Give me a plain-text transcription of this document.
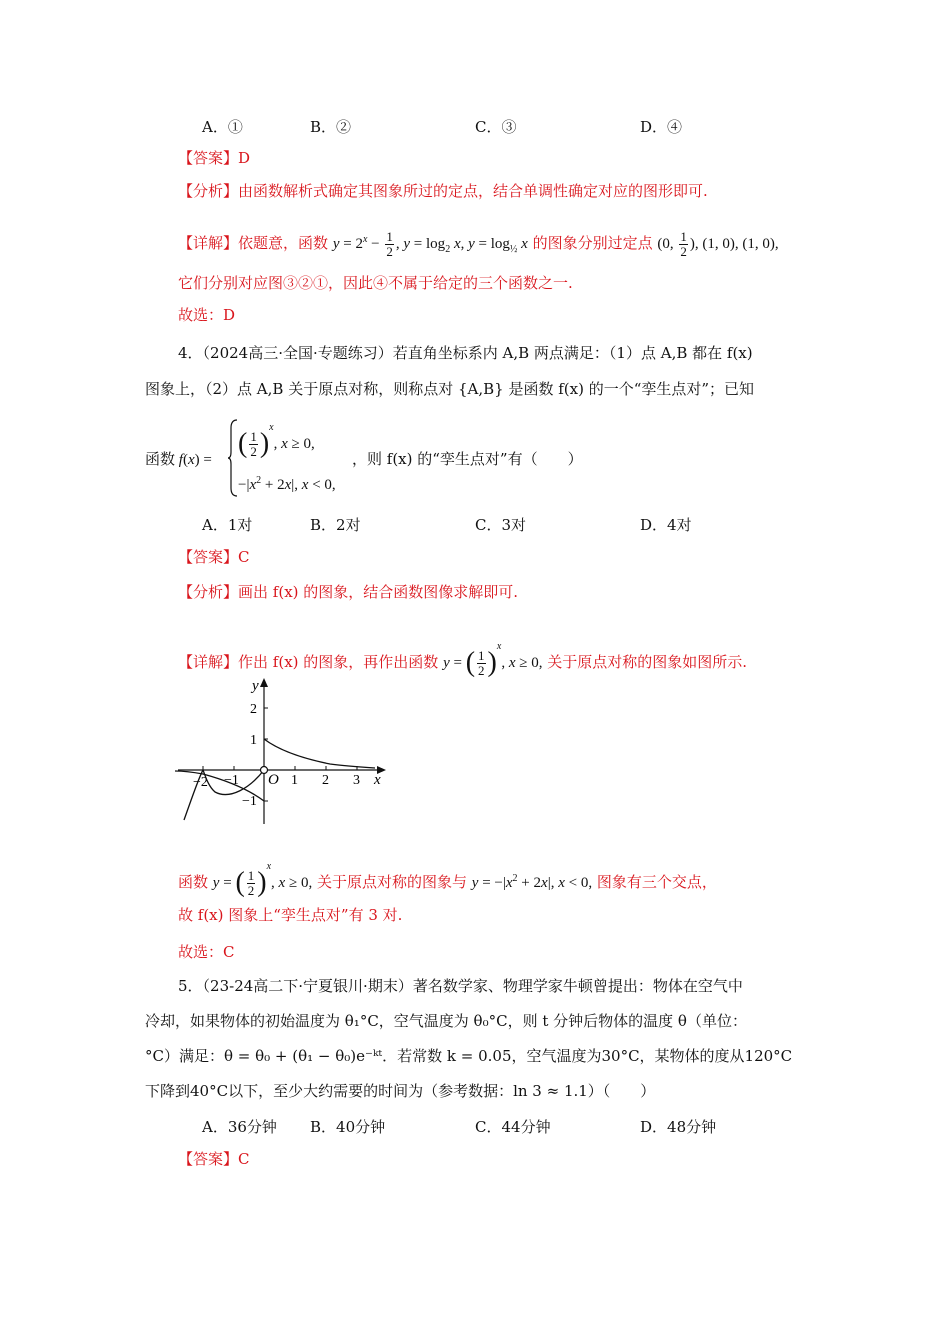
A．①	B．②	C．③	D．④
【答案】D
【分析】由函数解析式确定其图象所过的定点，结合单调性确定对应的图形即可.
【详解】依题意，函数 $y = 2^x - \frac{1}{2}$ , $y = \log_2 x$, $y = \log_{\frac{1}{2}} x$ 的图象分别过定点 (0, $\frac{1}{2}$ ), (1, 0), (1, 0),
它们分别对应图③②①，因此④不属于给定的三个函数之一.
故选：D
4．（2024高三·全国·专题练习）若直角坐标系内 A,B 两点满足：（1）点 A,B 都在 f(x)
图象上，（2）点 A,B 关于原点对称，则称点对 {A,B} 是函数 f(x) 的一个“孪生点对”；已知
函数 f(x) =
( $\frac{1}{2} )^x$, x ≥ 0,
$-|x^2 + 2x|$, x < 0,
，则 f(x) 的“孪生点对”有（　　）
A．1对	B．2对	C．3对	D．4对
【答案】C
【分析】画出 f(x) 的图象，结合函数图像求解即可.
【详解】作出 f(x) 的图象，再作出函数 y = ( $\frac{1}{2} )^x$, x ≥ 0, 关于原点对称的图象如图所示.
y
x
O
−2 −1	1 2 3
2
1
−1
函数 y = ( $\frac{1}{2} )^x$, x ≥ 0, 关于原点对称的图象与 $y = -|x^2 + 2x|$, x < 0, 图象有三个交点，
故 f(x) 图象上“孪生点对”有 3 对.
故选：C
5．（23-24高二下·宁夏银川·期末）著名数学家、物理学家牛顿曾提出：物体在空气中
冷却，如果物体的初始温度为 θ₁°C，空气温度为 θ₀°C，则 t 分钟后物体的温度 θ（单位：
°C）满足：θ = θ₀ + (θ₁ − θ₀)e⁻ᵏᵗ．若常数 k = 0.05，空气温度为30°C，某物体的度从120°C
下降到40°C以下，至少大约需要的时间为（参考数据：ln 3 ≈ 1.1）（　　）
A．36分钟 B．40分钟	C．44分钟	D．48分钟
【答案】C
